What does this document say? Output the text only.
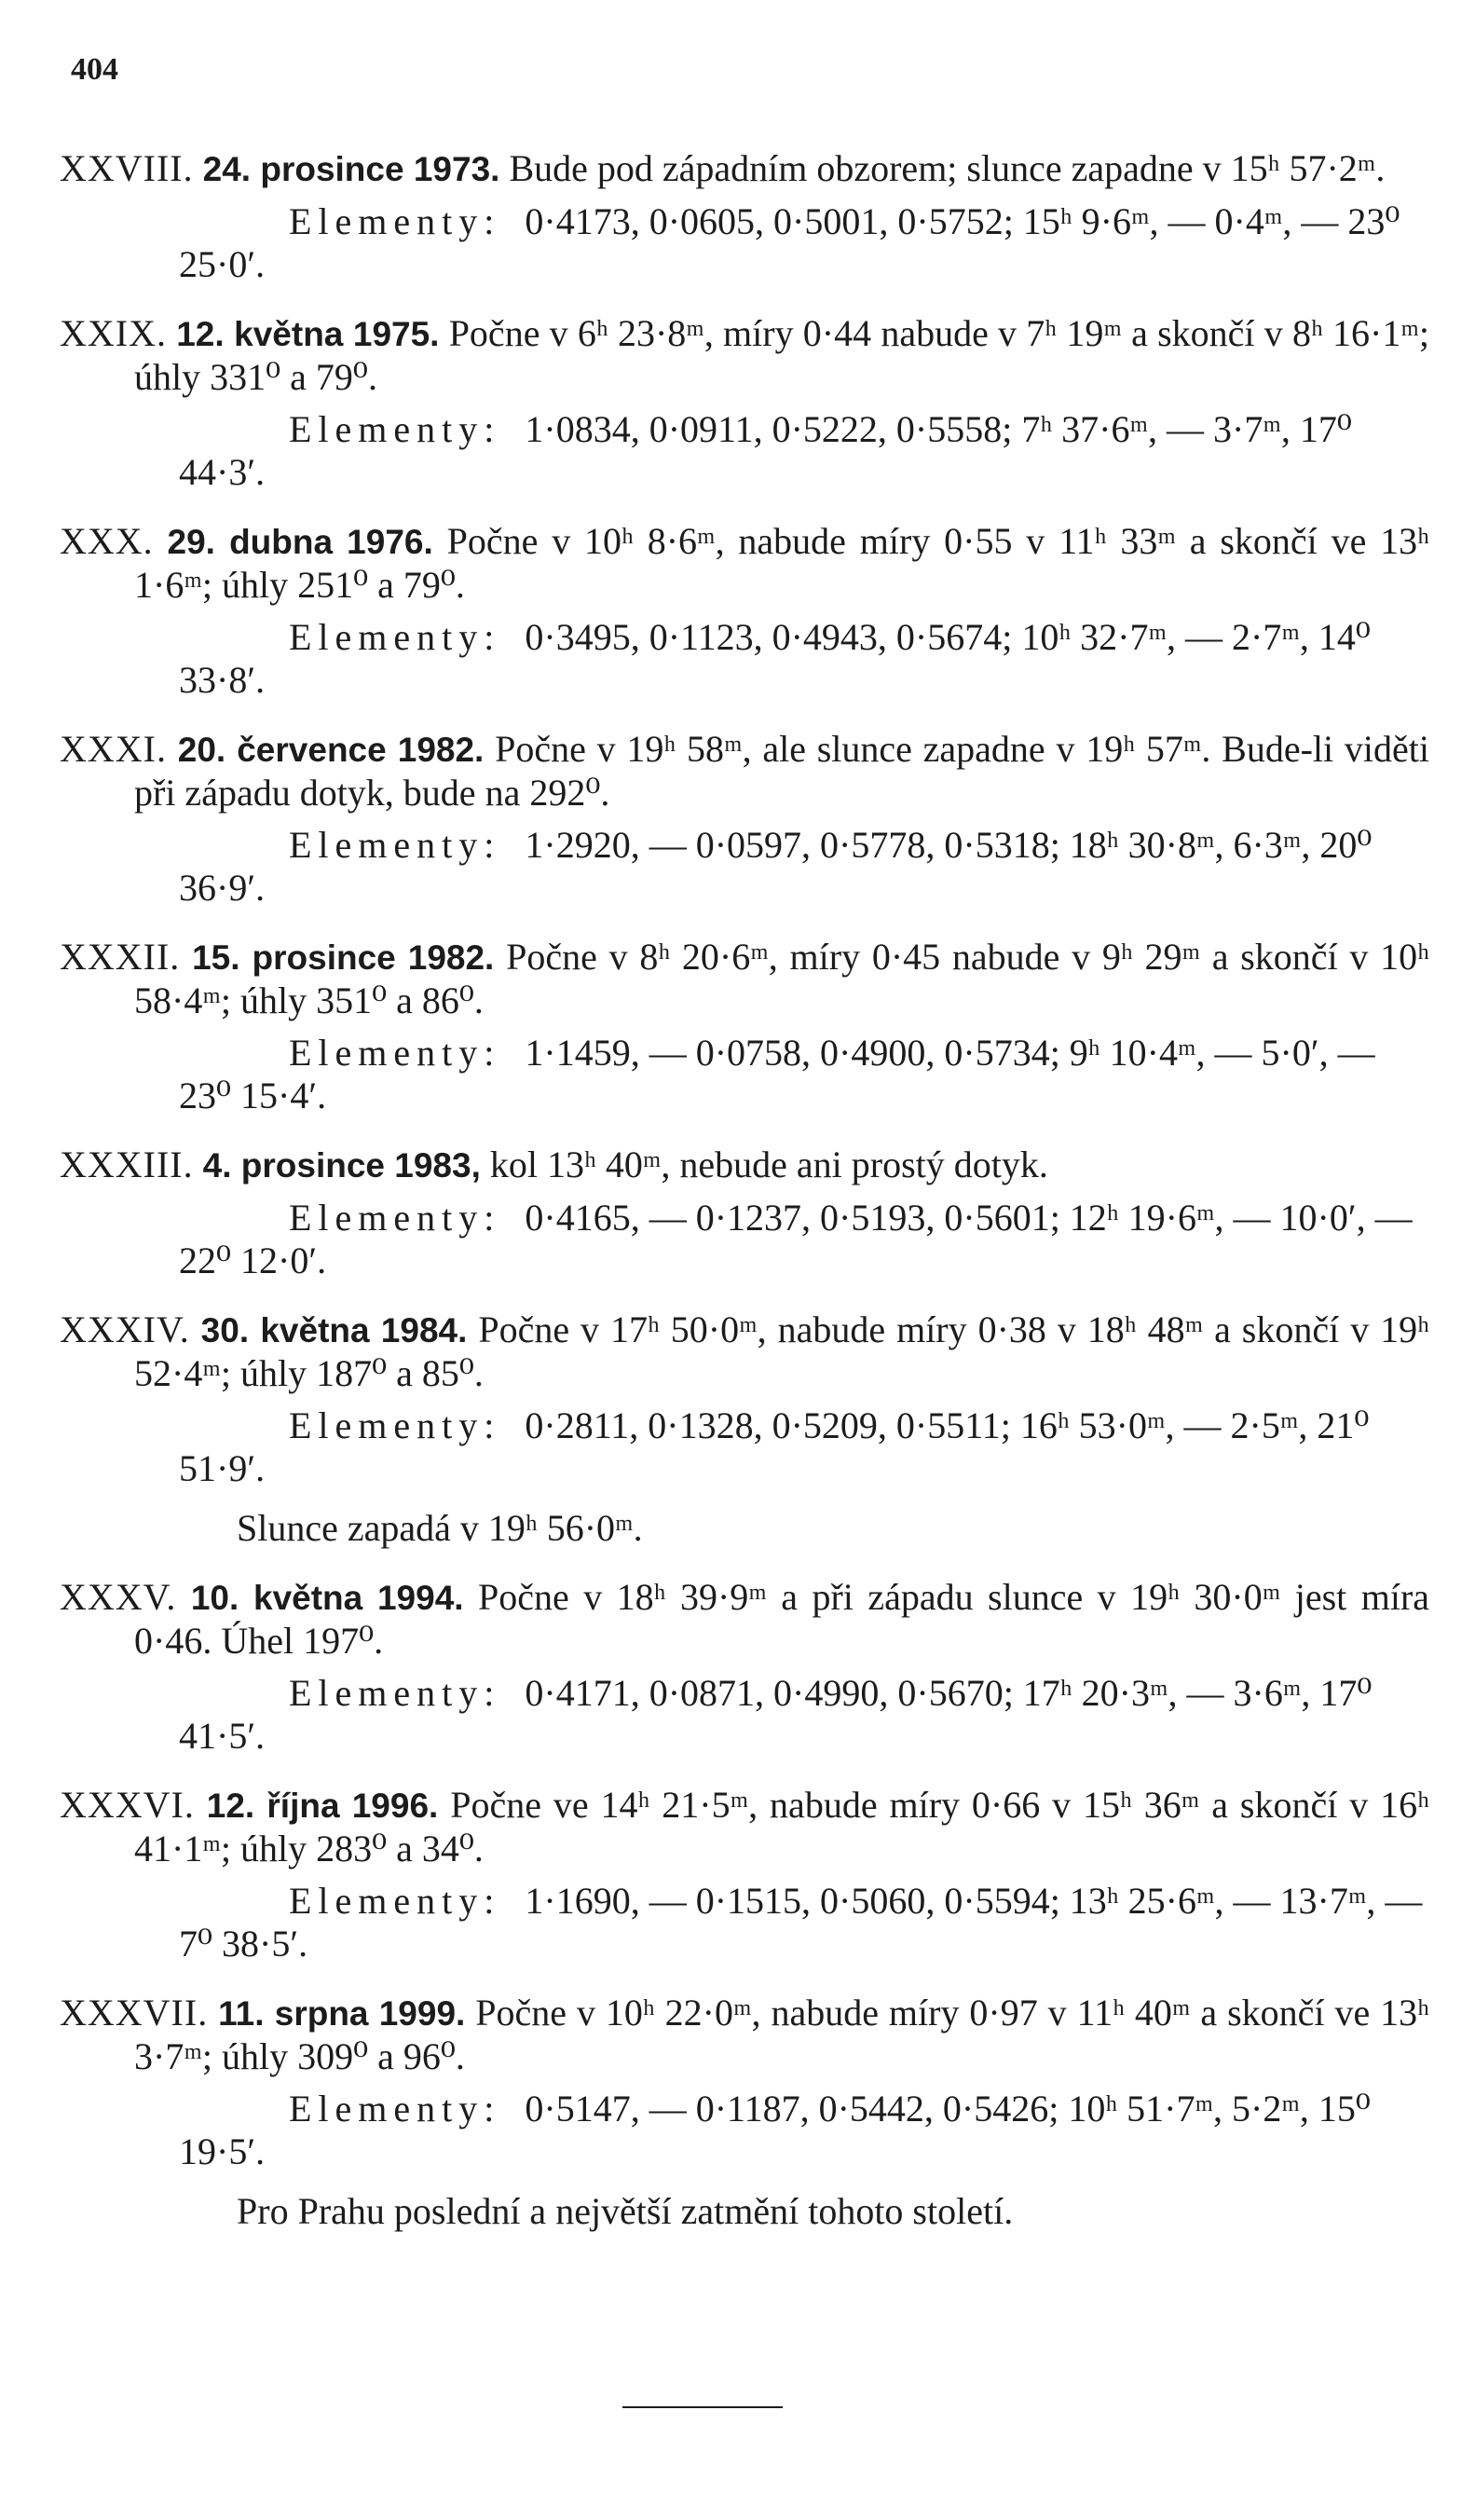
404
XXVIII. 24. prosince 1973. Bude pod západním obzorem; slunce zapadne v 15ʰ 57·2ᵐ.
Elementy: 0·4173, 0·0605, 0·5001, 0·5752; 15ʰ 9·6ᵐ, — 0·4ᵐ, — 23⁰ 25·0′.
XXIX. 12. května 1975. Počne v 6ʰ 23·8ᵐ, míry 0·44 nabude v 7ʰ 19ᵐ a skončí v 8ʰ 16·1ᵐ; úhly 331⁰ a 79⁰.
Elementy: 1·0834, 0·0911, 0·5222, 0·5558; 7ʰ 37·6ᵐ, — 3·7ᵐ, 17⁰ 44·3′.
XXX. 29. dubna 1976. Počne v 10ʰ 8·6ᵐ, nabude míry 0·55 v 11ʰ 33ᵐ a skončí ve 13ʰ 1·6ᵐ; úhly 251⁰ a 79⁰.
Elementy: 0·3495, 0·1123, 0·4943, 0·5674; 10ʰ 32·7ᵐ, — 2·7ᵐ, 14⁰ 33·8′.
XXXI. 20. července 1982. Počne v 19ʰ 58ᵐ, ale slunce zapadne v 19ʰ 57ᵐ. Bude-li viděti při západu dotyk, bude na 292⁰.
Elementy: 1·2920, — 0·0597, 0·5778, 0·5318; 18ʰ 30·8ᵐ, 6·3ᵐ, 20⁰ 36·9′.
XXXII. 15. prosince 1982. Počne v 8ʰ 20·6ᵐ, míry 0·45 nabude v 9ʰ 29ᵐ a skončí v 10ʰ 58·4ᵐ; úhly 351⁰ a 86⁰.
Elementy: 1·1459, — 0·0758, 0·4900, 0·5734; 9ʰ 10·4ᵐ, — 5·0′, — 23⁰ 15·4′.
XXXIII. 4. prosince 1983, kol 13ʰ 40ᵐ, nebude ani prostý dotyk.
Elementy: 0·4165, — 0·1237, 0·5193, 0·5601; 12ʰ 19·6ᵐ, — 10·0′, — 22⁰ 12·0′.
XXXIV. 30. května 1984. Počne v 17ʰ 50·0ᵐ, nabude míry 0·38 v 18ʰ 48ᵐ a skončí v 19ʰ 52·4ᵐ; úhly 187⁰ a 85⁰.
Elementy: 0·2811, 0·1328, 0·5209, 0·5511; 16ʰ 53·0ᵐ, — 2·5ᵐ, 21⁰ 51·9′.
Slunce zapadá v 19ʰ 56·0ᵐ.
XXXV. 10. května 1994. Počne v 18ʰ 39·9ᵐ a při západu slunce v 19ʰ 30·0ᵐ jest míra 0·46. Úhel 197⁰.
Elementy: 0·4171, 0·0871, 0·4990, 0·5670; 17ʰ 20·3ᵐ, — 3·6ᵐ, 17⁰ 41·5′.
XXXVI. 12. října 1996. Počne ve 14ʰ 21·5ᵐ, nabude míry 0·66 v 15ʰ 36ᵐ a skončí v 16ʰ 41·1ᵐ; úhly 283⁰ a 34⁰.
Elementy: 1·1690, — 0·1515, 0·5060, 0·5594; 13ʰ 25·6ᵐ, — 13·7ᵐ, — 7⁰ 38·5′.
XXXVII. 11. srpna 1999. Počne v 10ʰ 22·0ᵐ, nabude míry 0·97 v 11ʰ 40ᵐ a skončí ve 13ʰ 3·7ᵐ; úhly 309⁰ a 96⁰.
Elementy: 0·5147, — 0·1187, 0·5442, 0·5426; 10ʰ 51·7ᵐ, 5·2ᵐ, 15⁰ 19·5′.
Pro Prahu poslední a největší zatmění tohoto století.
